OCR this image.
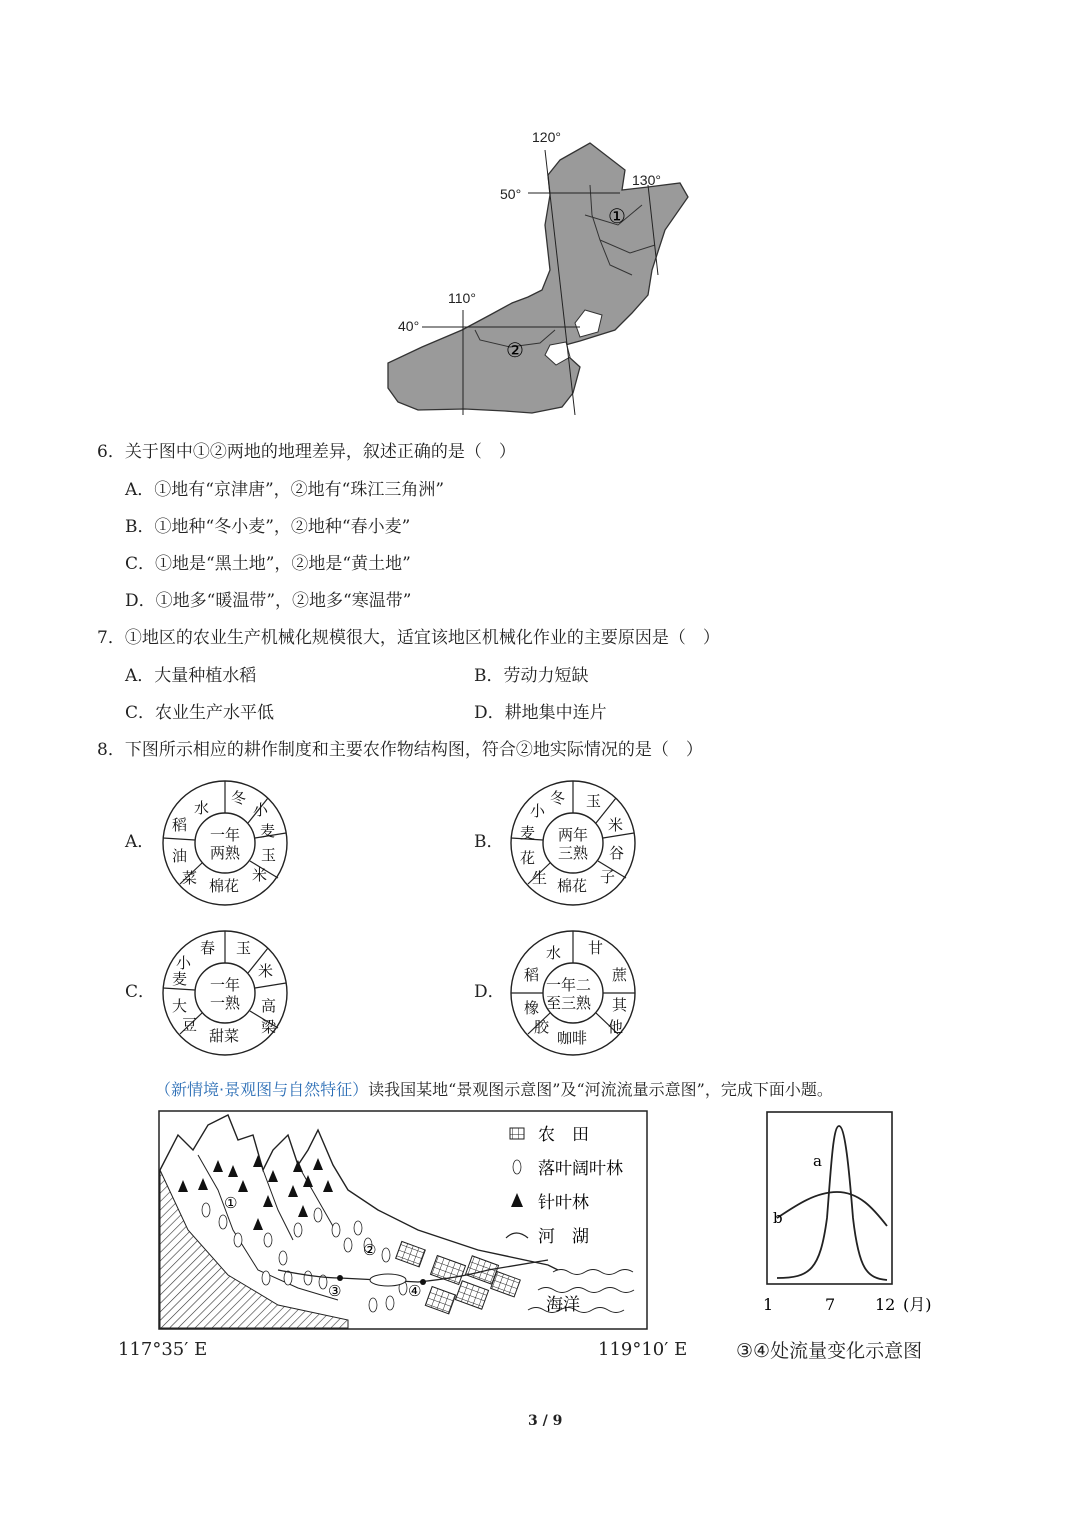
120°
130°
110°
50°
40°
①
②
6．关于图中①②两地的地理差异，叙述正确的是（　）
A．①地有“京津唐”，②地有“珠江三角洲”
B．①地种“冬小麦”，②地种“春小麦”
C．①地是“黑土地”，②地是“黄土地”
D．①地多“暖温带”，②地多“寒温带”
7．①地区的农业生产机械化规模很大，适宜该地区机械化作业的主要原因是（　）
A．大量种植水稻	B．劳动力短缺
C．农业生产水平低	D．耕地集中连片
8．下图所示相应的耕作制度和主要农作物结构图，符合②地实际情况的是（　）
A．	B．
C．	D．
水
冬
小
麦
稻
玉
油
米
菜 棉花
一年
两熟
小
冬 玉
麦	米
花	谷
生	子
棉花
两年
三熟
春 玉
小	米
麦
大	高
豆	梁
甜菜
一年
一熟
水 甘
稻	蔗
橡	其
胶	他
咖啡
一年二
至三熟
（新情境·景观图与自然特征）读我国某地“景观图示意图”及“河流流量示意图”，完成下面小题。
农　田
落叶阔叶林
针叶林
河　湖
①
②
③	④
海洋
117°35′ E	119°10′ E
a
b
1	7 12 (月)
③④处流量变化示意图
3 / 9
